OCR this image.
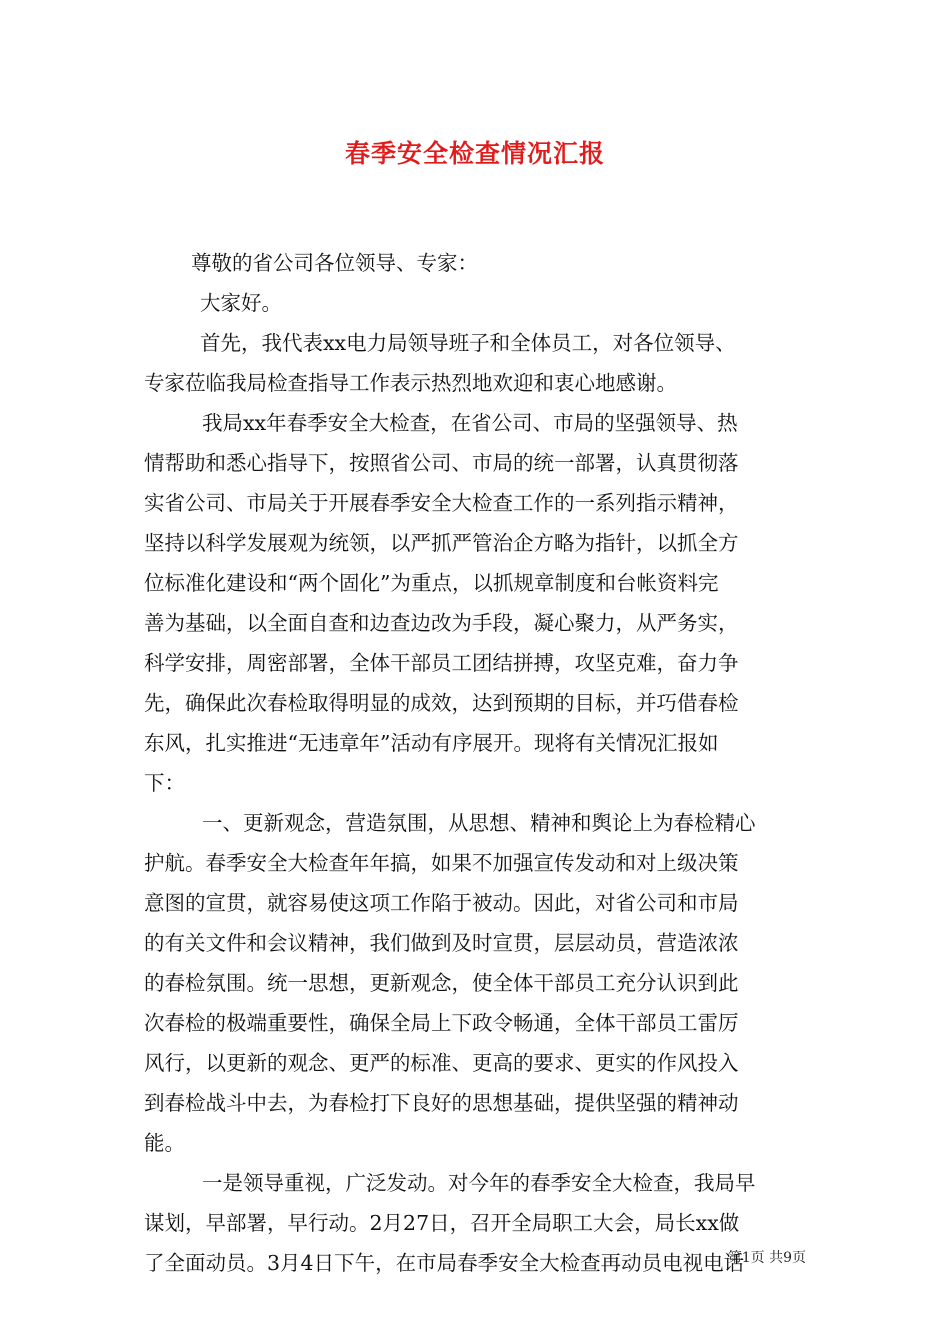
春季安全检查情况汇报
尊敬的省公司各位领导、专家：
大家好。
首先，我代表xx电力局领导班子和全体员工，对各位领导、
专家莅临我局检查指导工作表示热烈地欢迎和衷心地感谢。
我局xx年春季安全大检查，在省公司、市局的坚强领导、热
情帮助和悉心指导下，按照省公司、市局的统一部署，认真贯彻落
实省公司、市局关于开展春季安全大检查工作的一系列指示精神，
坚持以科学发展观为统领，以严抓严管治企方略为指针，以抓全方
位标准化建设和“两个固化”为重点，以抓规章制度和台帐资料完
善为基础，以全面自查和边查边改为手段，凝心聚力，从严务实，
科学安排，周密部署，全体干部员工团结拼搏，攻坚克难，奋力争
先，确保此次春检取得明显的成效，达到预期的目标，并巧借春检
东风，扎实推进“无违章年”活动有序展开。现将有关情况汇报如
下：
一、更新观念，营造氛围，从思想、精神和舆论上为春检精心
护航。春季安全大检查年年搞，如果不加强宣传发动和对上级决策
意图的宣贯，就容易使这项工作陷于被动。因此，对省公司和市局
的有关文件和会议精神，我们做到及时宣贯，层层动员，营造浓浓
的春检氛围。统一思想，更新观念，使全体干部员工充分认识到此
次春检的极端重要性，确保全局上下政令畅通，全体干部员工雷厉
风行，以更新的观念、更严的标准、更高的要求、更实的作风投入
到春检战斗中去，为春检打下良好的思想基础，提供坚强的精神动
能。
一是领导重视，广泛发动。对今年的春季安全大检查，我局早
谋划，早部署，早行动。2月27日，召开全局职工大会，局长xx做
了全面动员。3月4日下午，在市局春季安全大检查再动员电视电话
第1页 共9页
